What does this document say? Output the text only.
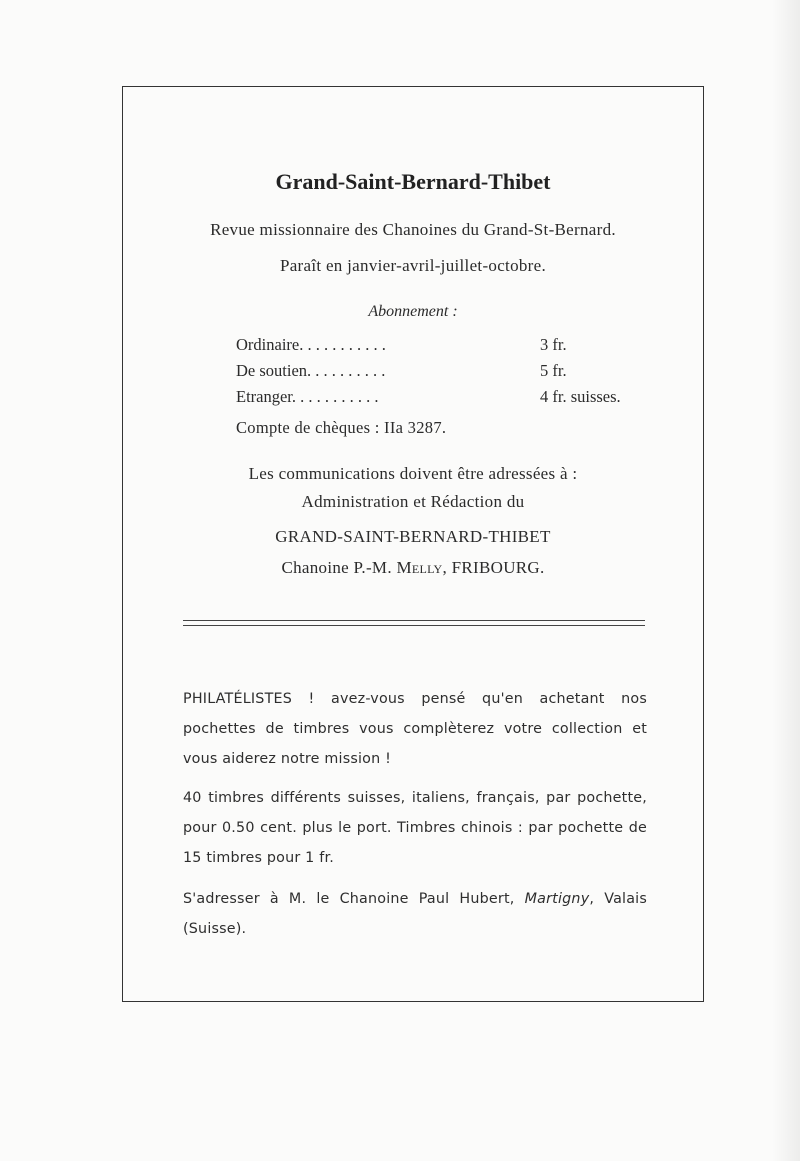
Grand-Saint-Bernard-Thibet
Revue missionnaire des Chanoines du Grand-St-Bernard.
Paraît en janvier-avril-juillet-octobre.
Abonnement :
Ordinaire. . . . . . . . . . .	3 fr.
De soutien. . . . . . . . . .	5 fr.
Etranger. . . . . . . . . . .	4 fr. suisses.
Compte de chèques : IIa 3287.
Les communications doivent être adressées à :
Administration et Rédaction du
GRAND-SAINT-BERNARD-THIBET
Chanoine P.-M. Melly, FRIBOURG.

PHILATÉLISTES ! avez-vous pensé qu'en achetant nos pochettes de timbres vous complèterez votre collection et vous aiderez notre mission !

40 timbres différents suisses, italiens, français, par pochette, pour 0.50 cent. plus le port. Timbres chinois : par pochette de 15 timbres pour 1 fr.

S'adresser à M. le Chanoine Paul Hubert, Martigny, Valais (Suisse).
